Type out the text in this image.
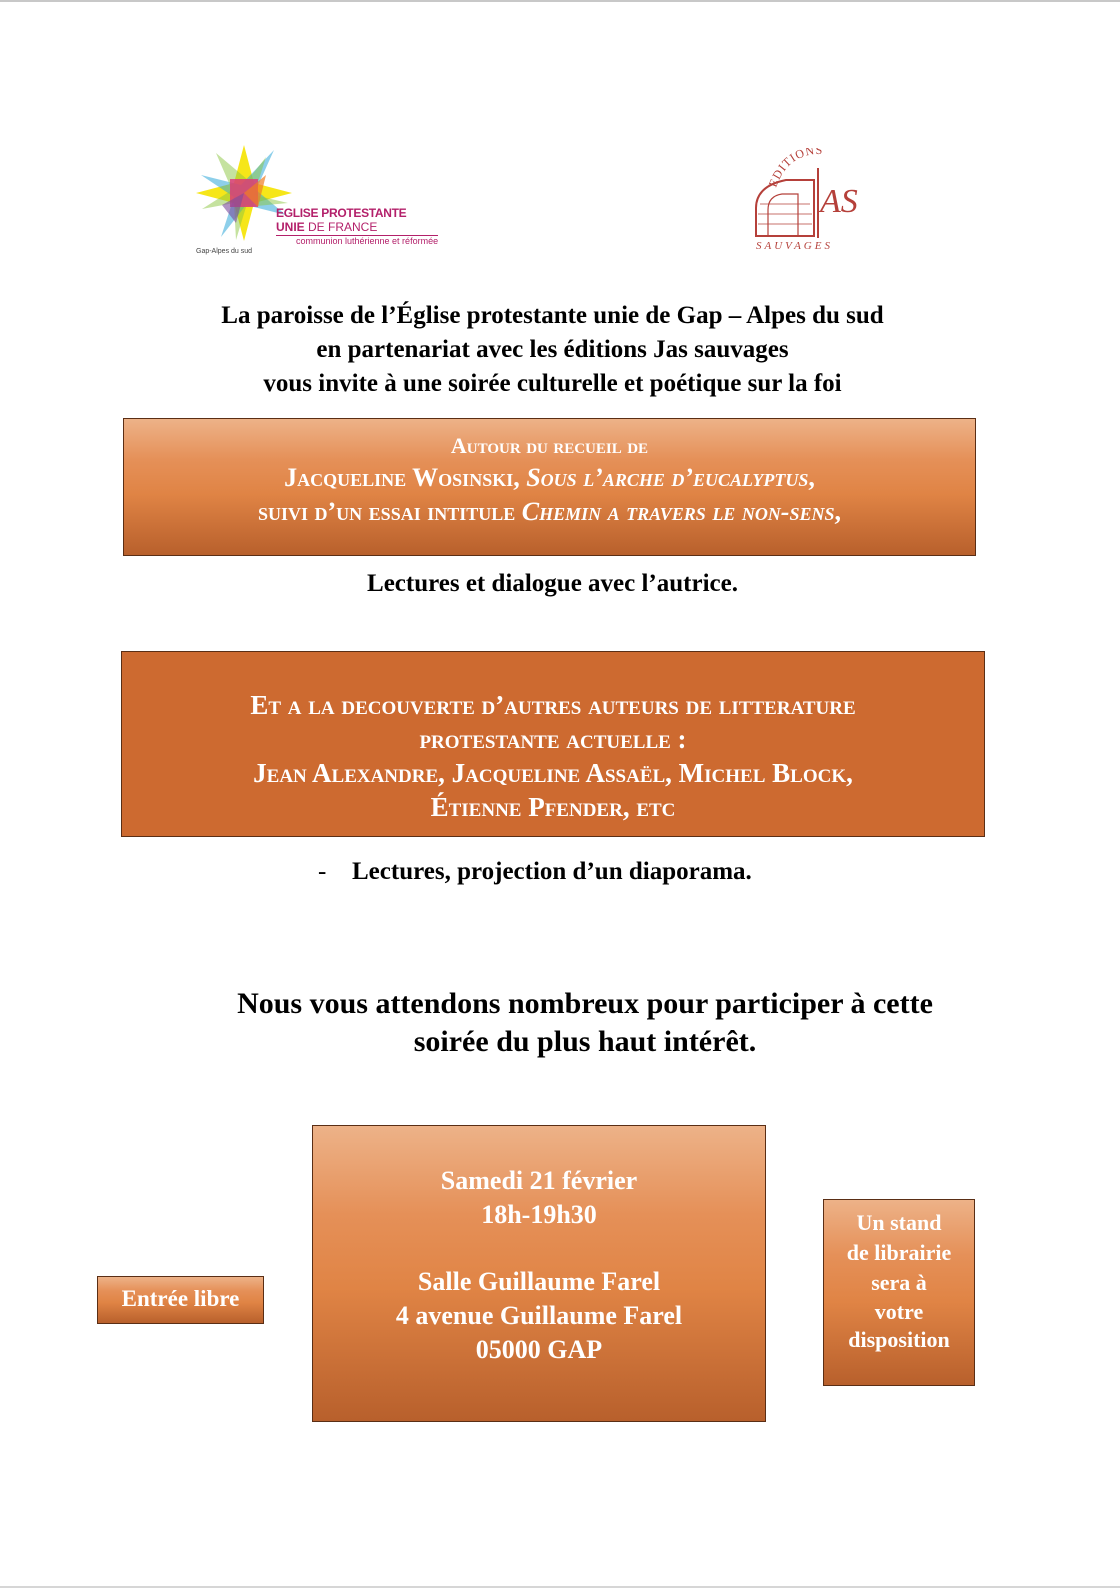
EGLISE PROTESTANTE
UNIE DE FRANCE
communion luthérienne et réformée
Gap-Alpes du sud
EDITIONS
AS
SAUVAGES
La paroisse de l’Église protestante unie de Gap – Alpes du sud
en partenariat avec les éditions Jas sauvages
vous invite à une soirée culturelle et poétique sur la foi
Autour du recueil de
Jacqueline Wosinski, Sous l’arche d’eucalyptus,
suivi d’un essai intitule Chemin a travers le non-sens,
Lectures et dialogue avec l’autrice.
Et a la decouverte d’autres auteurs de litterature
protestante actuelle :
Jean Alexandre, Jacqueline Assaël, Michel Block,
Étienne Pfender, etc
- Lectures, projection d’un diaporama.
Nous vous attendons nombreux pour participer à cette
soirée du plus haut intérêt.
Entrée libre
Samedi 21 février
18h-19h30
Salle Guillaume Farel
4 avenue Guillaume Farel
05000 GAP
Un stand
de librairie
sera à
votre
disposition
